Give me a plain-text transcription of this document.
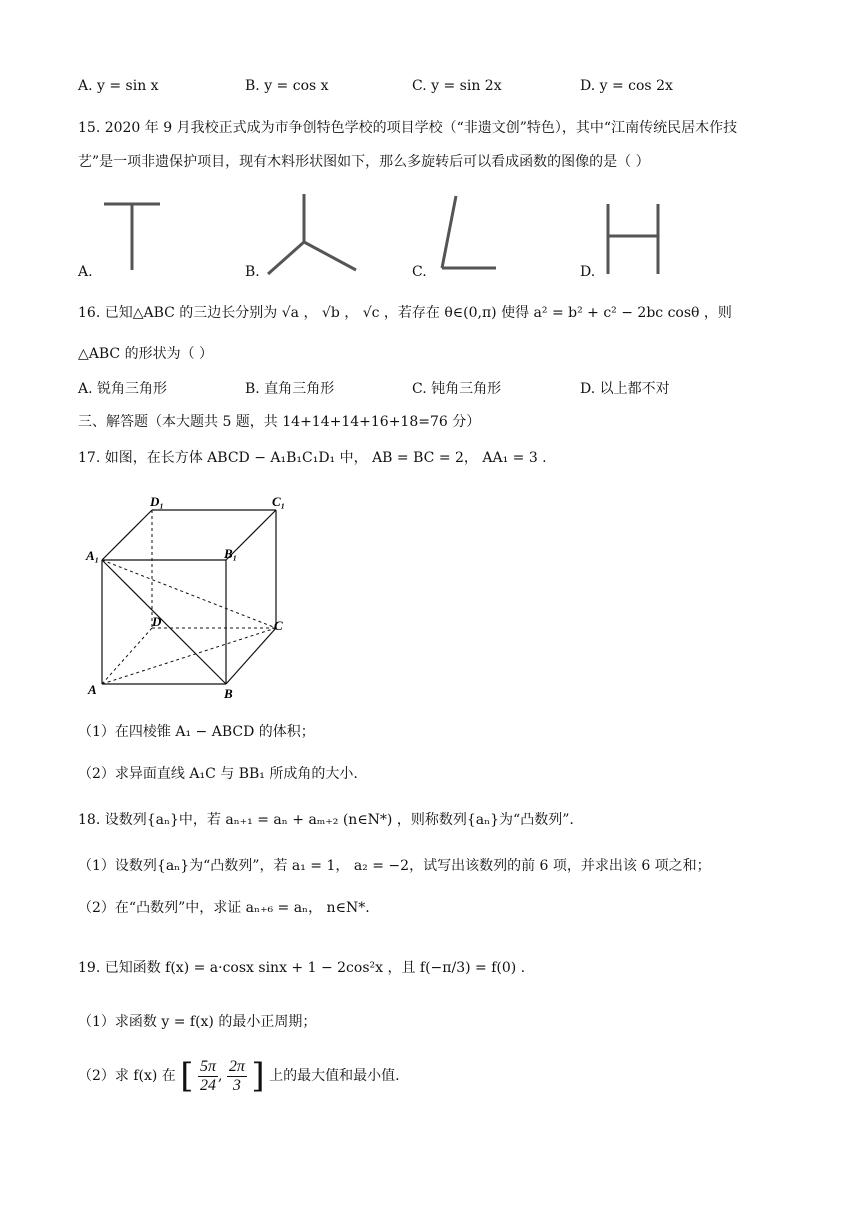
A. y = sin x	B. y = cos x	C. y = sin 2x	D. y = cos 2x
15. 2020 年 9 月我校正式成为市争创特色学校的项目学校（“非遗文创”特色），其中“江南传统民居木作技
艺”是一项非遗保护项目，现有木料形状图如下，那么多旋转后可以看成函数的图像的是（ ）
A.	B.	C.	D.
16. 已知△ABC 的三边长分别为 √a ， √b ， √c ，若存在 θ∈(0,π) 使得 a² = b² + c² − 2bc cosθ ，则
△ABC 的形状为（ ）
A. 锐角三角形	B. 直角三角形	C. 钝角三角形	D. 以上都不对
三、解答题（本大题共 5 题，共 14+14+14+16+18=76 分）
17. 如图，在长方体 ABCD − A₁B₁C₁D₁ 中， AB = BC = 2， AA₁ = 3 .
D₁	C₁
A₁	B₁
D	C
A	B
（1）在四棱锥 A₁ − ABCD 的体积；
（2）求异面直线 A₁C 与 BB₁ 所成角的大小.
18. 设数列{aₙ}中，若 aₙ₊₁ = aₙ + aₘ₊₂ (n∈N*) ，则称数列{aₙ}为“凸数列”.
（1）设数列{aₙ}为“凸数列”，若 a₁ = 1， a₂ = −2，试写出该数列的前 6 项，并求出该 6 项之和；
（2）在“凸数列”中，求证 aₙ₊₆ = aₙ， n∈N*.
19. 已知函数 f(x) = a·cosx sinx + 1 − 2cos²x ，且 f(−π/3) = f(0) .
（1）求函数 y = f(x) 的最小正周期；
（2）求 f(x) 在 [ $\frac{5\pi}{24}$ , $\frac{2\pi}{3}$ ] 上的最大值和最小值.
